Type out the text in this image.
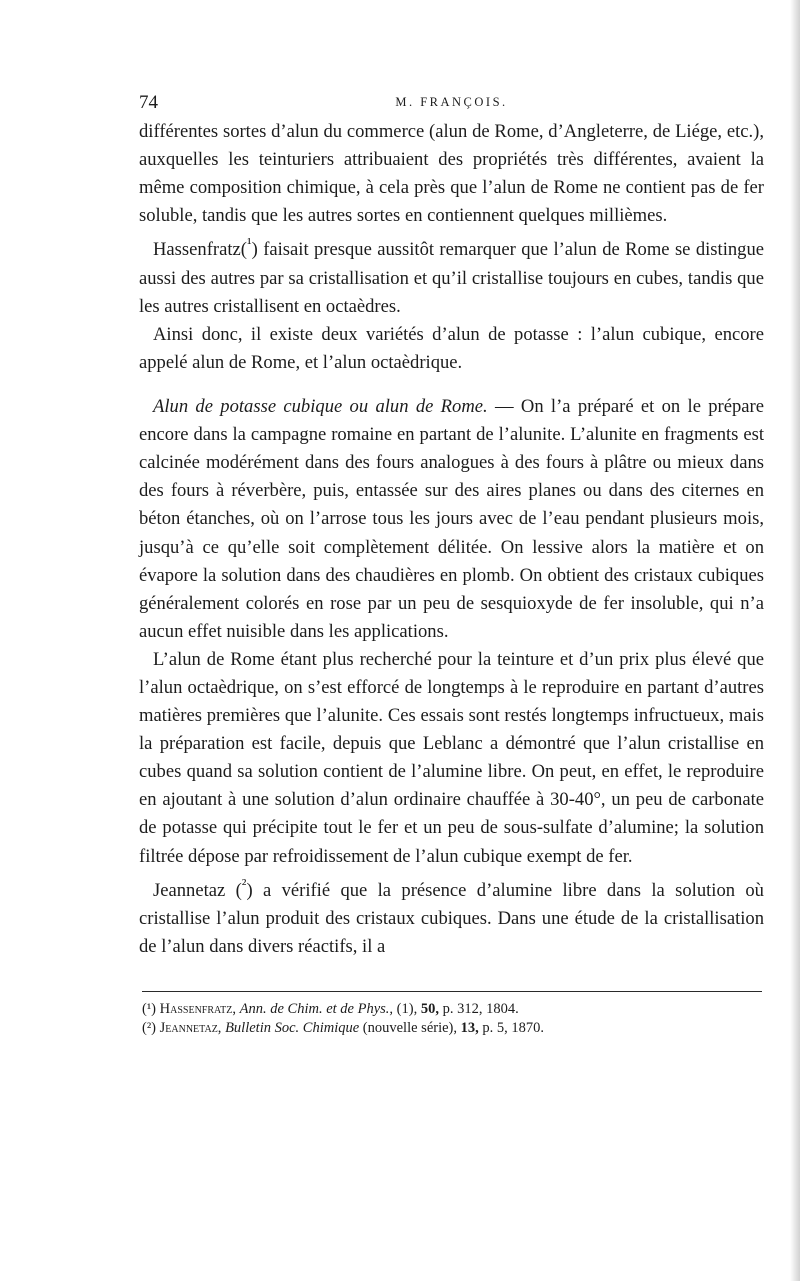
74	M. FRANÇOIS.

différentes sortes d’alun du commerce (alun de Rome, d’Angleterre, de Liége, etc.), auxquelles les teinturiers attribuaient des propriétés très différentes, avaient la même composition chimique, à cela près que l’alun de Rome ne contient pas de fer soluble, tandis que les autres sortes en contiennent quelques millièmes.

Hassenfratz($^{^1}$) faisait presque aussitôt remarquer que l’alun de Rome se distingue aussi des autres par sa cristallisation et qu’il cristallise toujours en cubes, tandis que les autres cristallisent en octaèdres.

Ainsi donc, il existe deux variétés d’alun de potasse : l’alun cubique, encore appelé alun de Rome, et l’alun octaèdrique.

Alun de potasse cubique ou alun de Rome. — On l’a préparé et on le prépare encore dans la campagne romaine en partant de l’alunite. L’alunite en fragments est calcinée modérément dans des fours analogues à des fours à plâtre ou mieux dans des fours à réverbère, puis, entassée sur des aires planes ou dans des citernes en béton étanches, où on l’arrose tous les jours avec de l’eau pendant plusieurs mois, jusqu’à ce qu’elle soit complètement délitée. On lessive alors la matière et on évapore la solution dans des chaudières en plomb. On obtient des cristaux cubiques généralement colorés en rose par un peu de sesquioxyde de fer insoluble, qui n’a aucun effet nuisible dans les applications.

L’alun de Rome étant plus recherché pour la teinture et d’un prix plus élevé que l’alun octaèdrique, on s’est efforcé de longtemps à le reproduire en partant d’autres matières premières que l’alunite. Ces essais sont restés longtemps infructueux, mais la préparation est facile, depuis que Leblanc a démontré que l’alun cristallise en cubes quand sa solution contient de l’alumine libre. On peut, en effet, le reproduire en ajoutant à une solution d’alun ordinaire chauffée à 30-40°, un peu de carbonate de potasse qui précipite tout le fer et un peu de sous-sulfate d’alumine; la solution filtrée dépose par refroidissement de l’alun cubique exempt de fer.

Jeannetaz ($^{^2}$) a vérifié que la présence d’alumine libre dans la solution où cristallise l’alun produit des cristaux cubiques. Dans une étude de la cristallisation de l’alun dans divers réactifs, il a

(¹) Hassenfratz, Ann. de Chim. et de Phys., (1), 50, p. 312, 1804.
(²) Jeannetaz, Bulletin Soc. Chimique (nouvelle série), 13, p. 5, 1870.
